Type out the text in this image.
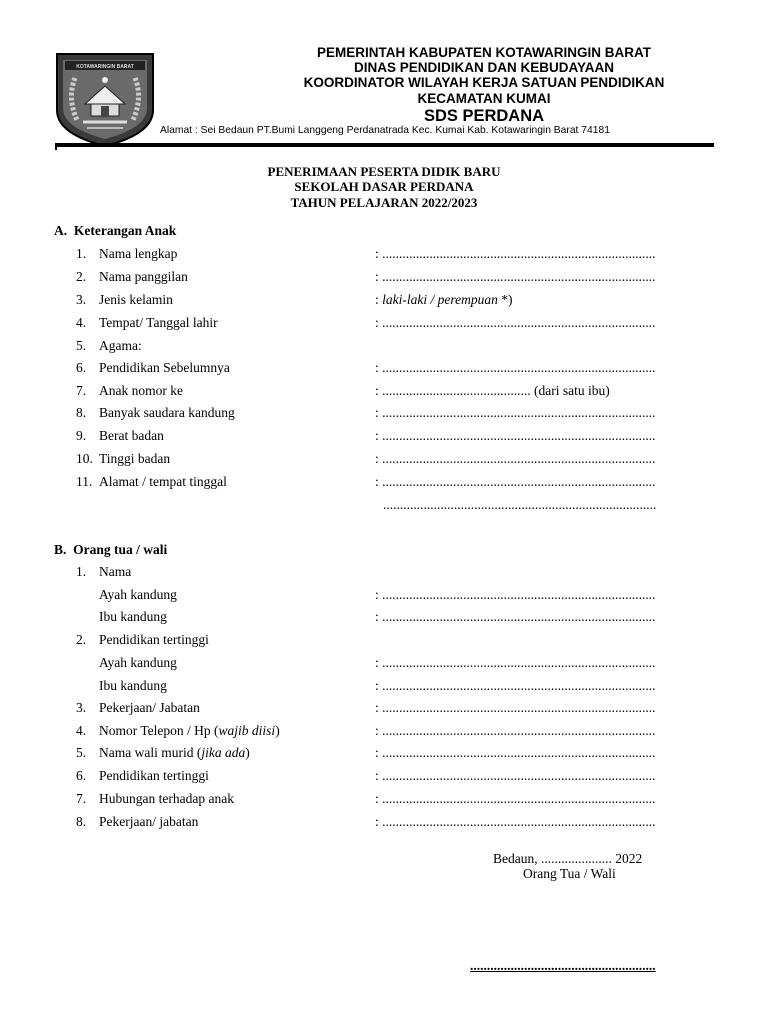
KOTAWARINGIN BARAT
PEMERINTAH KABUPATEN KOTAWARINGIN BARAT
DINAS PENDIDIKAN DAN KEBUDAYAAN
KOORDINATOR WILAYAH KERJA SATUAN PENDIDIKAN
KECAMATAN KUMAI
SDS PERDANA
Alamat : Sei Bedaun PT.Bumi Langgeng Perdanatrada Kec. Kumai Kab. Kotawaringin Barat 74181
PENERIMAAN PESERTA DIDIK BARU
SEKOLAH DASAR PERDANA
TAHUN PELAJARAN 2022/2023
A. Keterangan Anak
1. Nama lengkap	: .................................................................................
2. Nama panggilan	: .................................................................................
3. Jenis kelamin	: laki-laki / perempuan *)
4. Tempat/ Tanggal lahir	: .................................................................................
5. Agama:
6. Pendidikan Sebelumnya	: .................................................................................
7. Anak nomor ke	: ............................................ (dari satu ibu)
8. Banyak saudara kandung	: .................................................................................
9. Berat badan	: .................................................................................
10. Tinggi badan	: .................................................................................
11. Alamat / tempat tinggal	: .................................................................................
.................................................................................
B. Orang tua / wali
1. Nama
Ayah kandung	: .................................................................................
Ibu kandung	: .................................................................................
2. Pendidikan tertinggi
Ayah kandung	: .................................................................................
Ibu kandung	: .................................................................................
3. Pekerjaan/ Jabatan	: .................................................................................
4. Nomor Telepon / Hp (wajib diisi)	: .................................................................................
5. Nama wali murid (jika ada)	: .................................................................................
6. Pendidikan tertinggi	: .................................................................................
7. Hubungan terhadap anak	: .................................................................................
8. Pekerjaan/ jabatan	: .................................................................................
Bedaun, ..................... 2022
Orang Tua / Wali
.......................................................
